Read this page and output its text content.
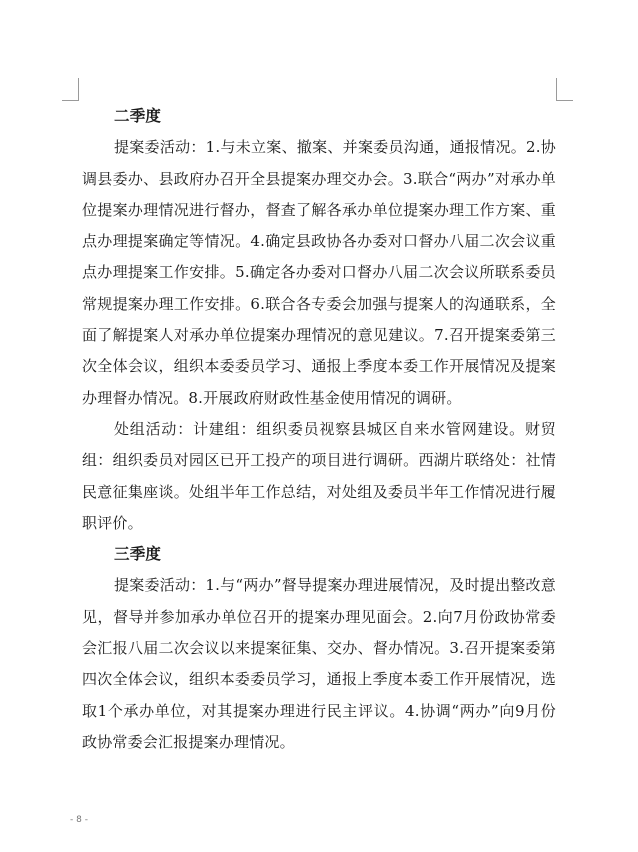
二季度

提案委活动：1.与未立案、撤案、并案委员沟通，通报情况。2.协调县委办、县政府办召开全县提案办理交办会。3.联合“两办”对承办单位提案办理情况进行督办，督查了解各承办单位提案办理工作方案、重点办理提案确定等情况。4.确定县政协各办委对口督办八届二次会议重点办理提案工作安排。5.确定各办委对口督办八届二次会议所联系委员常规提案办理工作安排。6.联合各专委会加强与提案人的沟通联系，全面了解提案人对承办单位提案办理情况的意见建议。7.召开提案委第三次全体会议，组织本委委员学习、通报上季度本委工作开展情况及提案办理督办情况。8.开展政府财政性基金使用情况的调研。

处组活动：计建组：组织委员视察县城区自来水管网建设。财贸组：组织委员对园区已开工投产的项目进行调研。西湖片联络处：社情民意征集座谈。处组半年工作总结，对处组及委员半年工作情况进行履职评价。

三季度

提案委活动：1.与“两办”督导提案办理进展情况，及时提出整改意见，督导并参加承办单位召开的提案办理见面会。2.向7月份政协常委会汇报八届二次会议以来提案征集、交办、督办情况。3.召开提案委第四次全体会议，组织本委委员学习，通报上季度本委工作开展情况，选取1个承办单位，对其提案办理进行民主评议。4.协调“两办”向9月份政协常委会汇报提案办理情况。

- 8 -
